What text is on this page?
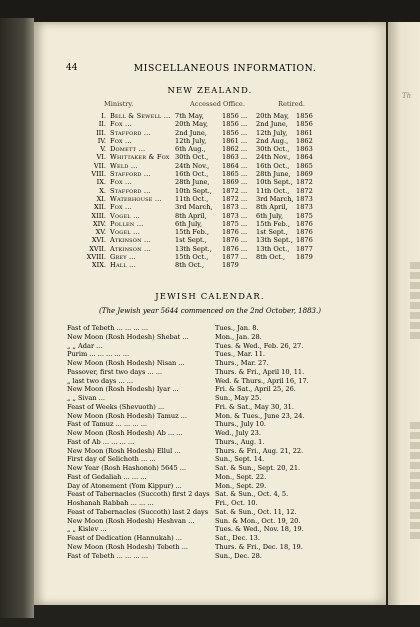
Th
44	MISCELLANEOUS INFORMATION.
NEW ZEALAND.
Ministry.	Accessed Office.	Retired.
I. Bell & Sewell ... 7th May,	1856 ... 20th May, 1856
II. Fox ...	20th May, 1856 ... 2nd June, 1856
III. Stafford ...	2nd June, 1856 ... 12th July, 1861
IV. Fox ...	12th July, 1861 ... 2nd Aug., 1862
V. Domett ...	6th Aug., 1862 ... 30th Oct., 1863
VI. Whittaker & Fox 30th Oct., 1863 ... 24th Nov., 1864
VII. Weld ...	24th Nov., 1864 ... 16th Oct., 1865
VIII. Stafford ...	16th Oct., 1865 ... 28th June, 1869
IX. Fox ...	28th June, 1869 ... 10th Sept., 1872
X. Stafford ...	10th Sept., 1872 ... 11th Oct., 1872
XI. Waterhouse ... 11th Oct., 1872 ... 3rd March, 1873
XII. Fox ...	3rd March, 1873 ... 8th April, 1873
XIII. Vogel ...	8th April, 1873 ... 6th July, 1875
XIV. Pollen ...	6th July,	1875 ... 15th Feb., 1876
XV. Vogel ...	15th Feb., 1876 ... 1st Sept., 1876
XVI. Atkinson ...	1st Sept., 1876 ... 13th Sept., 1876
XVII. Atkinson ...	13th Sept., 1876 ... 13th Oct., 1877
XVIII. Grey ...	15th Oct., 1877 ... 8th Oct., 1879
XIX. Hall ...	8th Oct.,	1879
JEWISH CALENDAR.
(The Jewish year 5644 commenced on the 2nd October, 1883.)
Fast of Tebeth ... ... ... ...	Tues., Jan. 8.
New Moon (Rosh Hodesh) Shebat ...	Mon., Jan. 28.
„ „ Adar ...	Tues. & Wed., Feb. 26, 27.
Purim ... ... ... ... ...	Tues., Mar. 11.
New Moon (Rosh Hodesh) Nisan ...	Thurs., Mar. 27.
Passover, first two days ... ...	Thurs. & Fri., April 10, 11.
„ last two days ... ...	Wed. & Thurs., April 16, 17.
New Moon (Rosh Hodesh) Iyar ...	Fri. & Sat., April 25, 26.
„ „ Sivan ...	Sun., May 25.
Feast of Weeks (Shevuoth) ...	Fri. & Sat., May 30, 31.
New Moon (Rosh Hodesh) Tamuz ...	Mon. & Tues., June 23, 24.
Fast of Tamuz ... ... ... ...	Thurs., July 10.
New Moon (Rosh Hodesh) Ab ... ...	Wed., July 23.
Fast of Ab ... ... ... ...	Thurs., Aug. 1.
New Moon (Rosh Hodesh) Ellul ...	Thurs. & Fri., Aug. 21, 22.
First day of Selichoth ... ...	Sun., Sept. 14.
New Year (Rosh Hashonoh) 5645 ...	Sat. & Sun., Sept. 20, 21.
Fast of Gedaliah ... ... ...	Mon., Sept. 22.
Day of Atonement (Yom Kippur) ...	Mon., Sept. 29.
Feast of Tabernacles (Succoth) first 2 days Sat. & Sun., Oct. 4, 5.
Hoshanah Rabbah ... ... ...	Fri., Oct. 10.
Feast of Tabernacles (Succoth) last 2 days Sat. & Sun., Oct. 11, 12.
New Moon (Rosh Hodesh) Heshvan ...	Sun. & Mon., Oct. 19, 20.
„ „ Kislev ...	Tues. & Wed., Nov. 18, 19.
Feast of Dedication (Hannukah) ...	Sat., Dec. 13.
New Moon (Rosh Hodesh) Tebeth ...	Thurs. & Fri., Dec. 18, 19.
Fast of Tebeth ... ... ... ...	Sun., Dec. 28.
